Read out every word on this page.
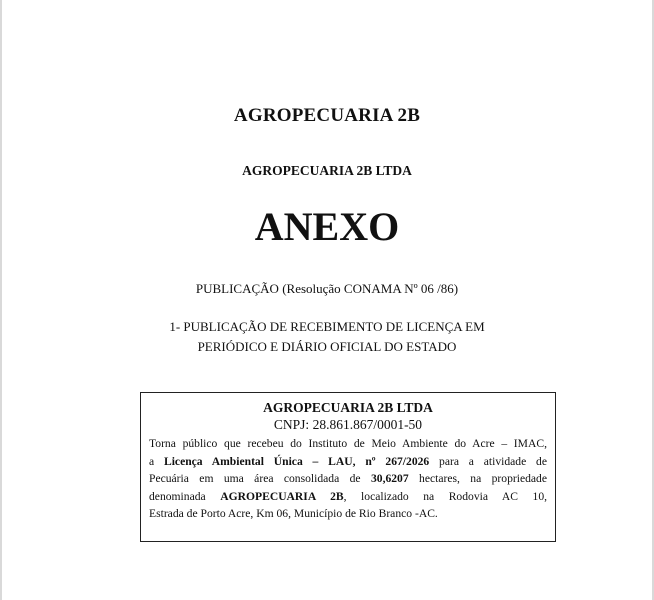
AGROPECUARIA 2B
AGROPECUARIA 2B LTDA
ANEXO
PUBLICAÇÃO (Resolução CONAMA Nº 06 /86)
1- PUBLICAÇÃO DE RECEBIMENTO DE LICENÇA EM
PERIÓDICO E DIÁRIO OFICIAL DO ESTADO
AGROPECUARIA 2B LTDA
CNPJ: 28.861.867/0001-50
Torna público que recebeu do Instituto de Meio Ambiente do Acre – IMAC,
a Licença Ambiental Única – LAU, nº 267/2026 para a atividade de
Pecuária em uma área consolidada de 30,6207 hectares, na propriedade
denominada AGROPECUARIA 2B, localizado na Rodovia AC 10,
Estrada de Porto Acre, Km 06, Município de Rio Branco -AC.
